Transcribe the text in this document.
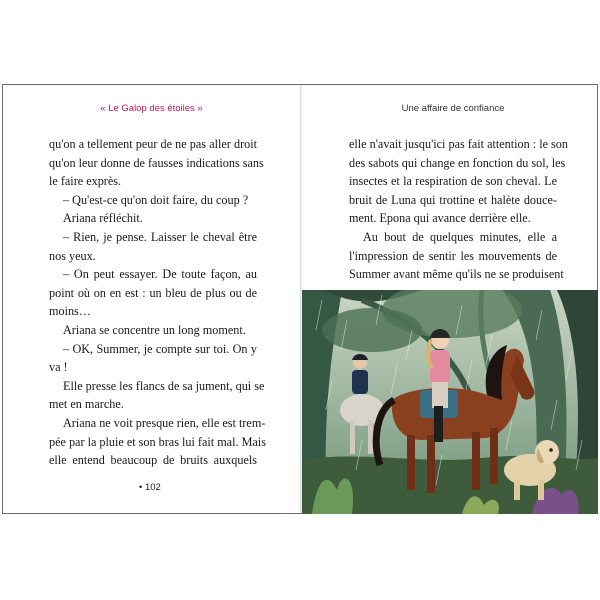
« Le Galop des étoiles »
qu'on a tellement peur de ne pas aller droit
qu'on leur donne de fausses indications sans
le faire exprès.
– Qu'est-ce qu'on doit faire, du coup ?
Ariana réfléchit.
– Rien, je pense. Laisser le cheval être
nos yeux.
– On peut essayer. De toute façon, au
point où on en est : un bleu de plus ou de
moins…
Ariana se concentre un long moment.
– OK, Summer, je compte sur toi. On y
va !
Elle presse les flancs de sa jument, qui se
met en marche.
Ariana ne voit presque rien, elle est trem-
pée par la pluie et son bras lui fait mal. Mais
elle entend beaucoup de bruits auxquels
• 102
Une affaire de confiance
elle n'avait jusqu'ici pas fait attention : le son
des sabots qui change en fonction du sol, les
insectes et la respiration de son cheval. Le
bruit de Luna qui trottine et halète douce-
ment. Epona qui avance derrière elle.
Au bout de quelques minutes, elle a
l'impression de sentir les mouvements de
Summer avant même qu'ils ne se produisent
